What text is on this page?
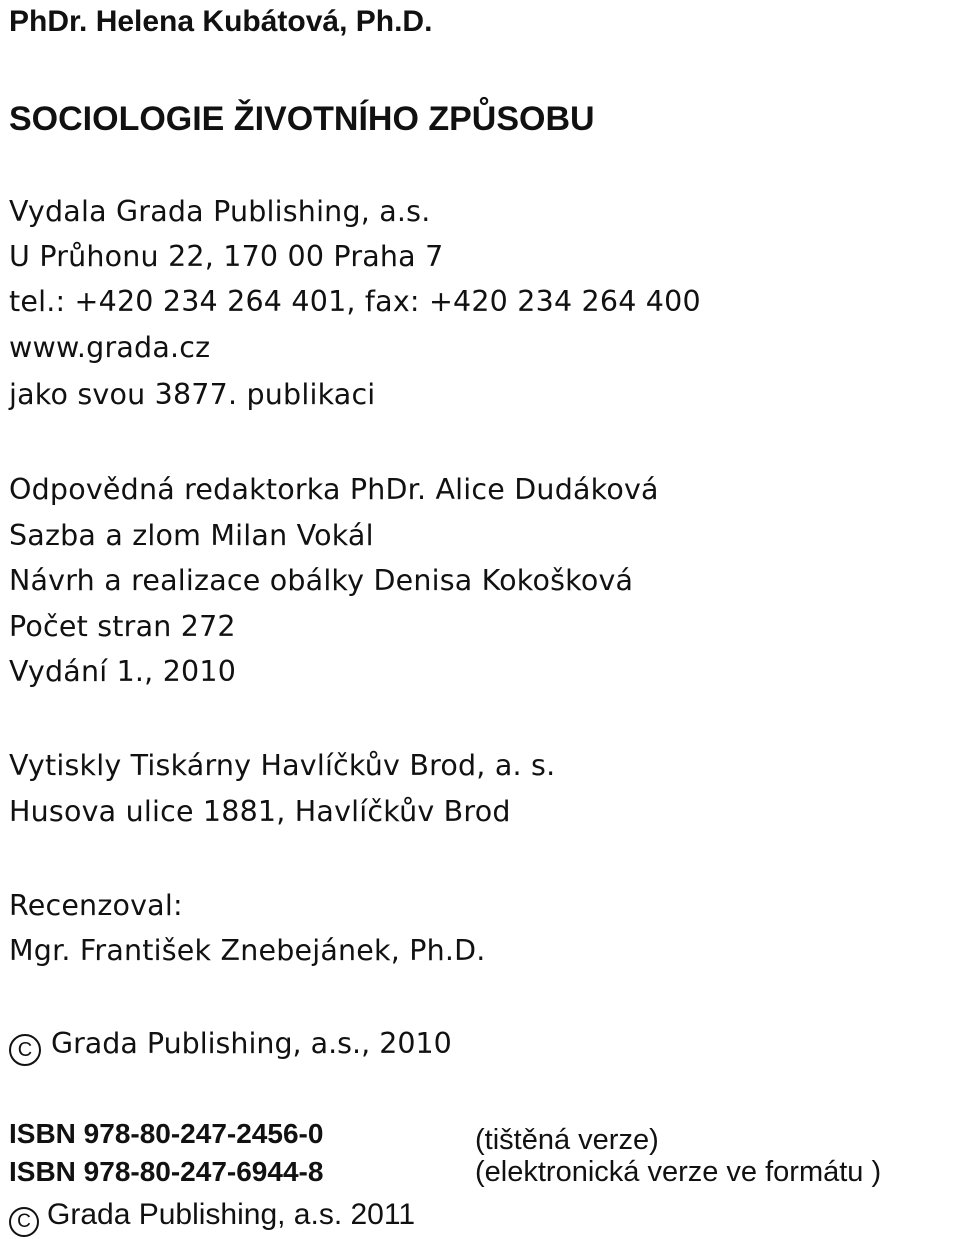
PhDr. Helena Kubátová, Ph.D.
SOCIOLOGIE ŽIVOTNÍHO ZPŮSOBU
Vydala Grada Publishing, a.s.
U Průhonu 22, 170 00 Praha 7
tel.: +420 234 264 401, fax: +420 234 264 400
www.grada.cz
jako svou 3877. publikaci
Odpovědná redaktorka PhDr. Alice Dudáková
Sazba a zlom Milan Vokál
Návrh a realizace obálky Denisa Kokošková
Počet stran 272
Vydání 1., 2010
Vytiskly Tiskárny Havlíčkův Brod, a. s.
Husova ulice 1881, Havlíčkův Brod
Recenzoval:
Mgr. František Znebejánek, Ph.D.
C Grada Publishing, a.s., 2010
ISBN 978-80-247-2456-0	(tištěná verze)
ISBN 978-80-247-6944-8	(elektronická verze ve formátu )
C Grada Publishing, a.s. 2011
